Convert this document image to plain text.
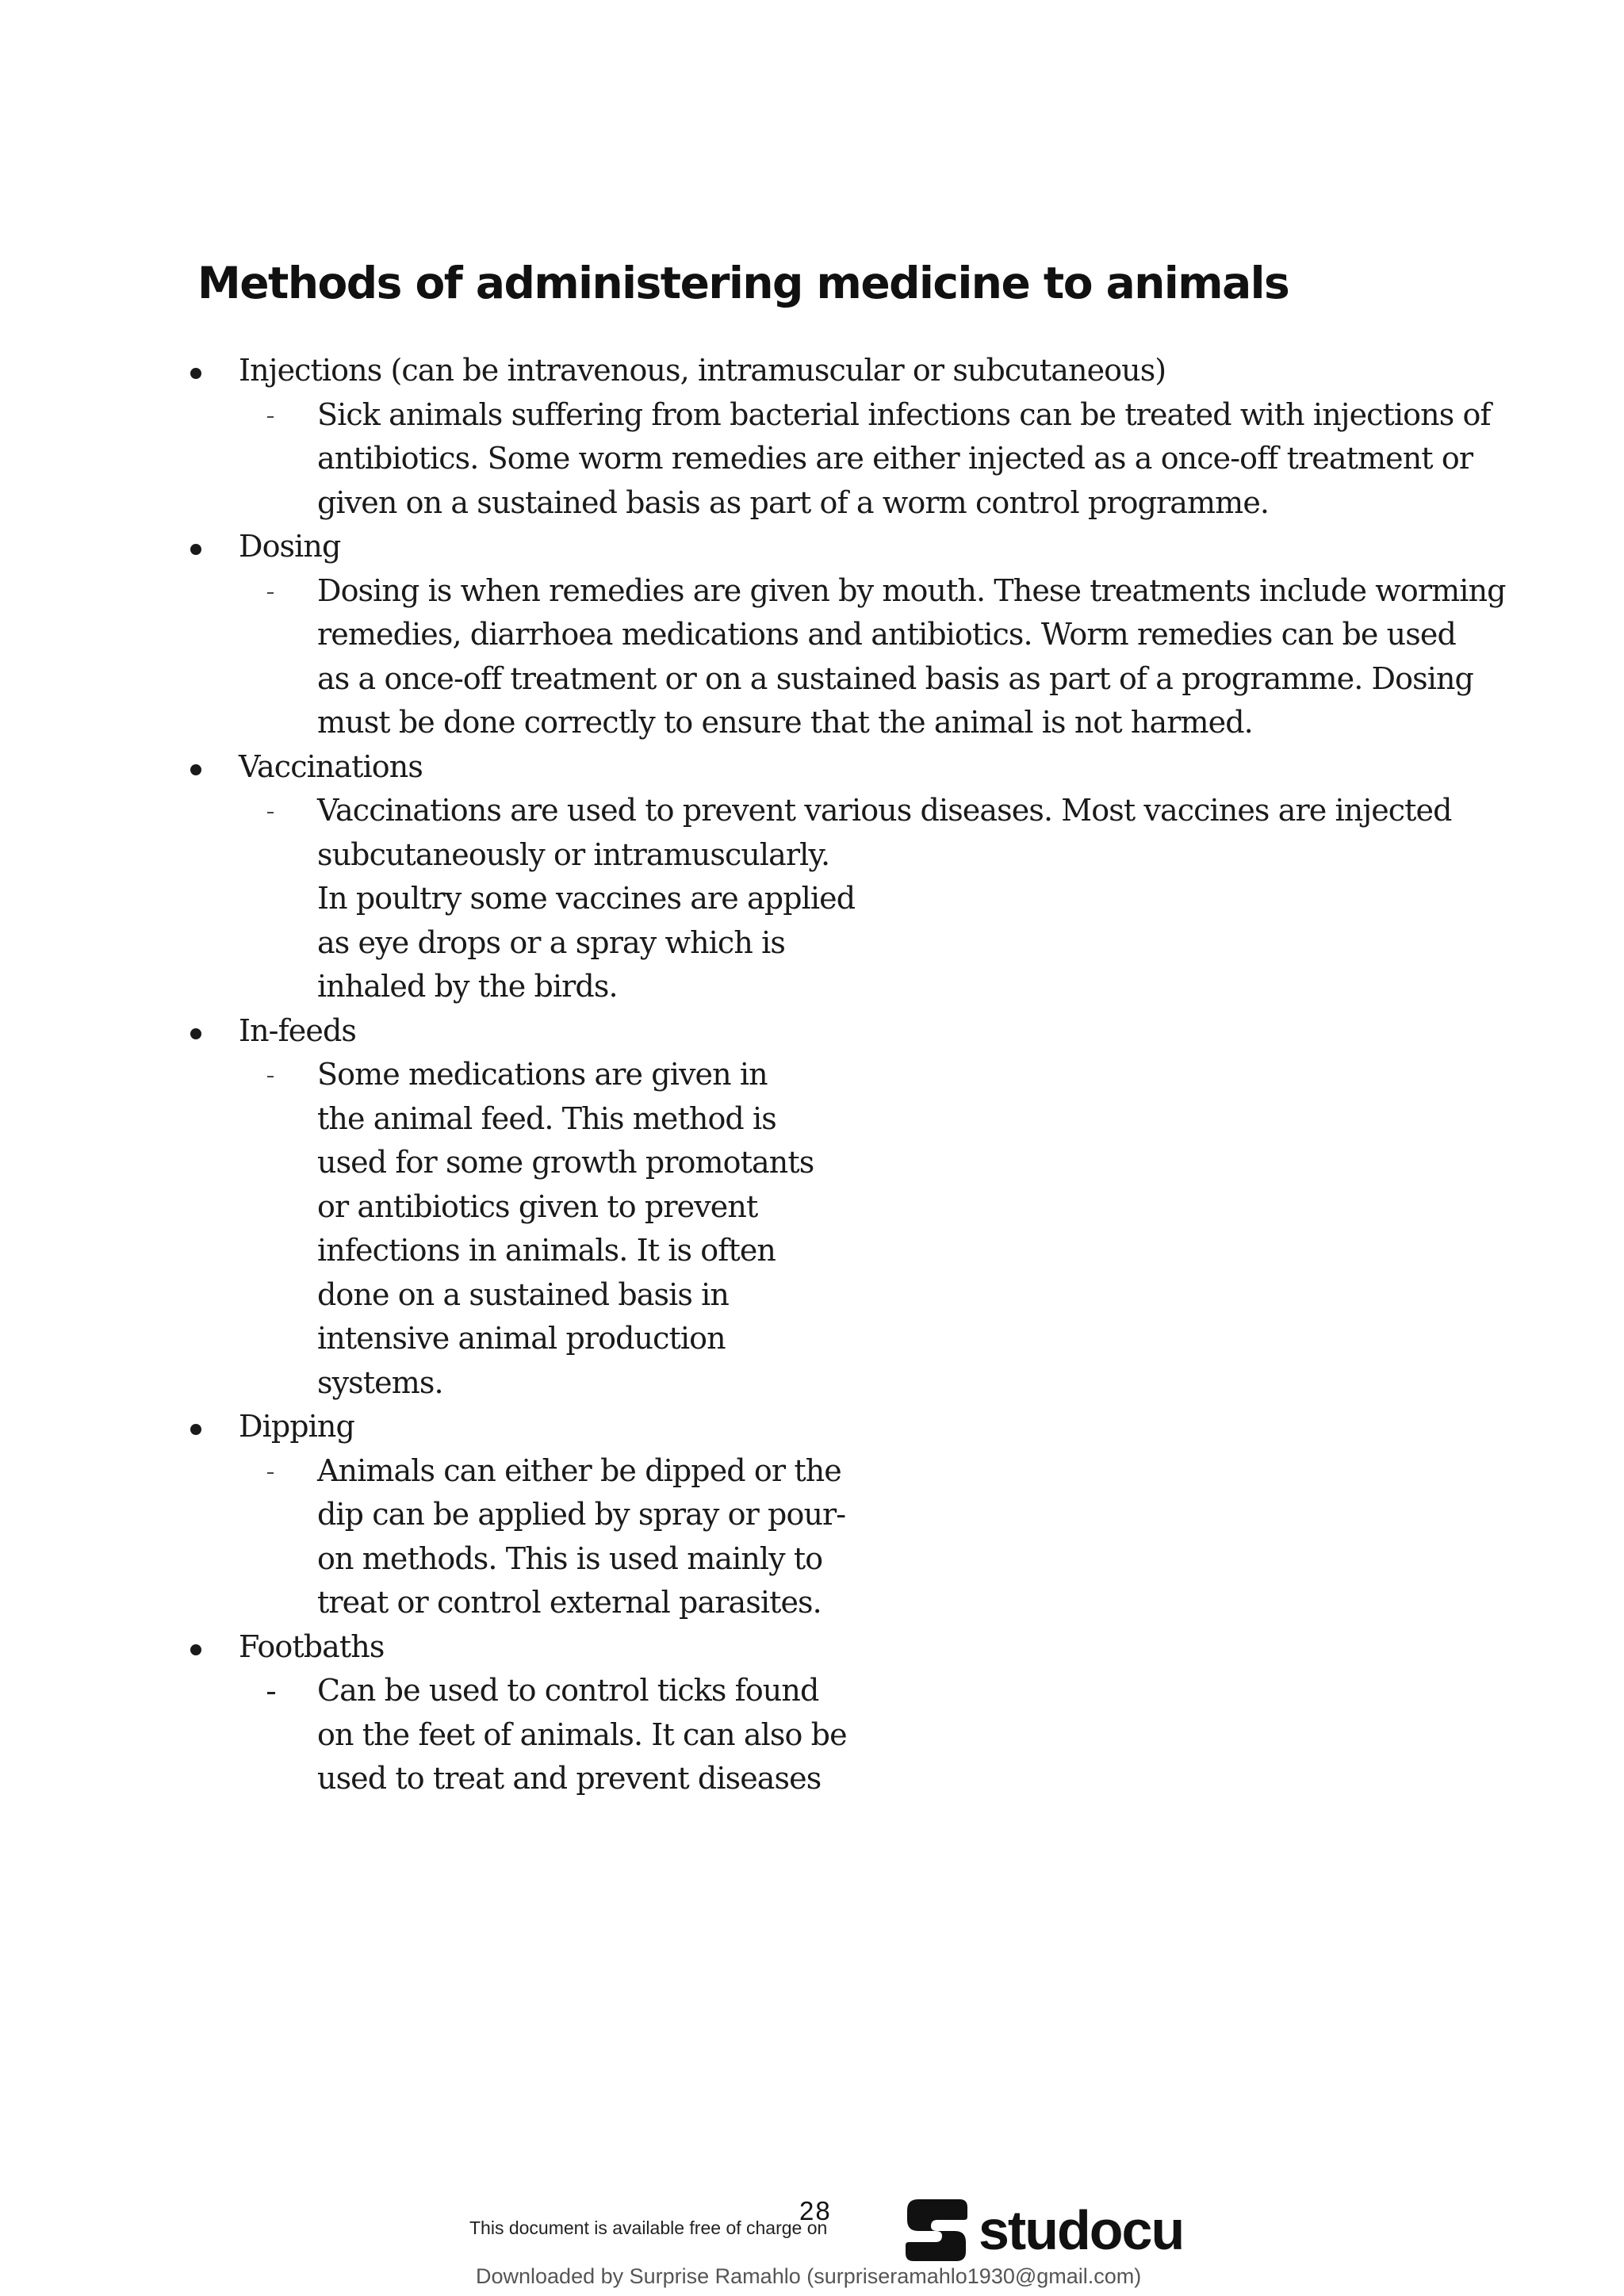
Methods of administering medicine to animals
Injections (can be intravenous, intramuscular or subcutaneous)
Sick animals suffering from bacterial infections can be treated with injections of
antibiotics. Some worm remedies are either injected as a once-off treatment or
given on a sustained basis as part of a worm control programme.
Dosing
Dosing is when remedies are given by mouth. These treatments include worming
remedies, diarrhoea medications and antibiotics. Worm remedies can be used
as a once-off treatment or on a sustained basis as part of a programme. Dosing
must be done correctly to ensure that the animal is not harmed.
Vaccinations
Vaccinations are used to prevent various diseases. Most vaccines are injected
subcutaneously or intramuscularly.
In poultry some vaccines are applied
as eye drops or a spray which is
inhaled by the birds.
In-feeds
Some medications are given in
the animal feed. This method is
used for some growth promotants
or antibiotics given to prevent
infections in animals. It is often
done on a sustained basis in
intensive animal production
systems.
Dipping
Animals can either be dipped or the
dip can be applied by spray or pour-
on methods. This is used mainly to
treat or control external parasites.
Footbaths
Can be used to control ticks found
on the feet of animals. It can also be
used to treat and prevent diseases
28
This document is available free of charge on	studocu
Downloaded by Surprise Ramahlo (surpriseramahlo1930@gmail.com)
